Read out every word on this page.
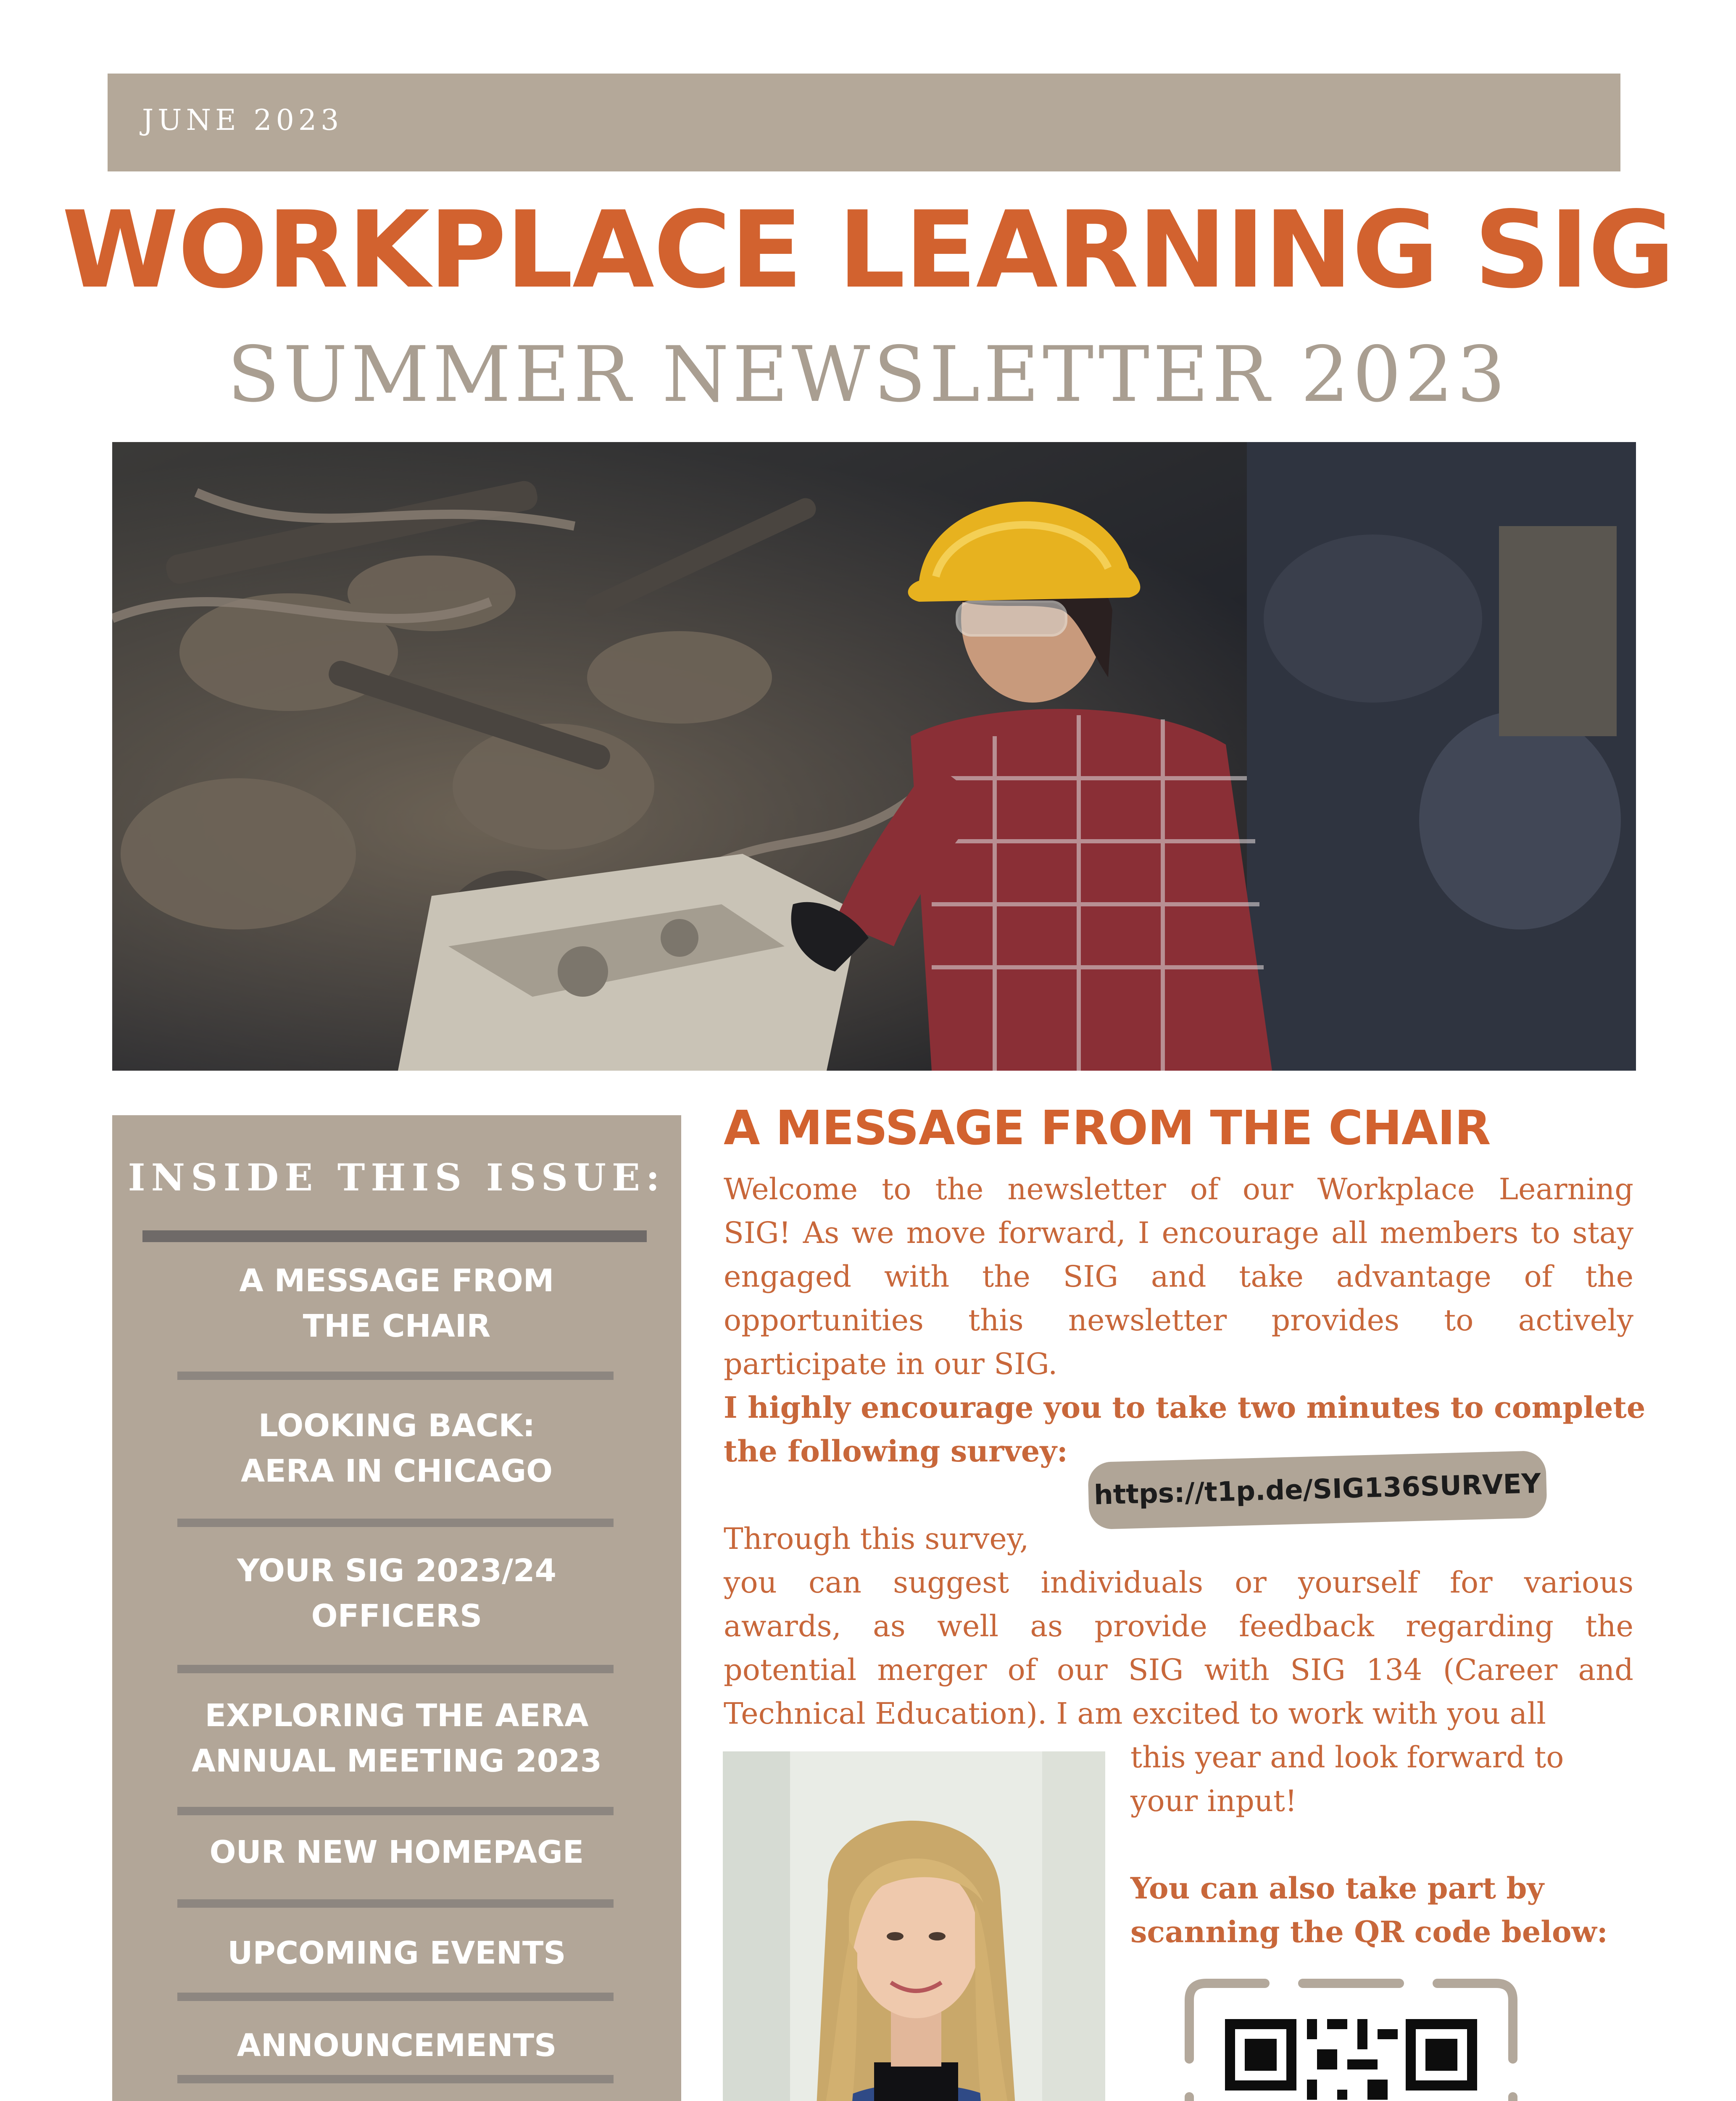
JUNE 2023
WORKPLACE LEARNING SIG
SUMMER NEWSLETTER 2023
INSIDE THIS ISSUE:
A MESSAGE FROM
THE CHAIR
LOOKING BACK:
AERA IN CHICAGO
YOUR SIG 2023/24
OFFICERS
EXPLORING THE AERA
ANNUAL MEETING 2023
OUR NEW HOMEPAGE
UPCOMING EVENTS
ANNOUNCEMENTS
A MESSAGE FROM THE CHAIR
Welcome to the newsletter of our Workplace Learning
SIG! As we move forward, I encourage all members to stay
engaged with the SIG and take advantage of the
opportunities this newsletter provides to actively
participate in our SIG.
I highly encourage you to take two minutes to complete
the following survey:
https://t1p.de/SIG136SURVEY
Through this survey,
you can suggest individuals or yourself for various
awards, as well as provide feedback regarding the
potential merger of our SIG with SIG 134 (Career and
Technical Education). I am excited to work with you all
this year and look forward to
your input!
You can also take part by
scanning the QR code below:
